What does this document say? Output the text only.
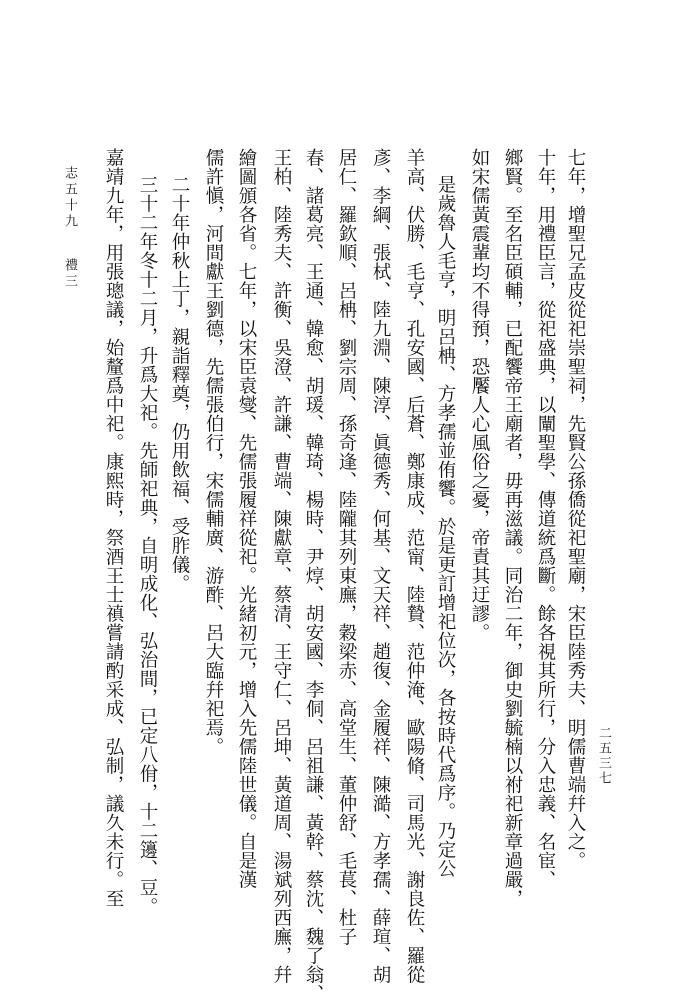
七年，增聖兄孟皮從祀崇聖祠，先賢公孫僑從祀聖廟，宋臣陸秀夫、明儒曹端幷入之。
十年，用禮臣言，從祀盛典，以闡聖學、傳道統爲斷。餘各視其所行，分入忠義、名宦、
鄉賢。至名臣碩輔，已配饗帝王廟者，毋再滋議。同治二年，御史劉毓楠以祔祀新章過嚴，
如宋儒黃震輩均不得預，恐饜人心風俗之憂，帝責其迂謬。
是歲魯人毛亨，明呂柟、方孝孺並侑饗。於是更訂增祀位次，各按時代爲序。乃定公
羊高、伏勝、毛亨、孔安國、后蒼、鄭康成、范甯、陸贄、范仲淹、歐陽脩、司馬光、謝良佐、羅從
彥、李綱、張栻、陸九淵、陳淳、眞德秀、何基、文天祥、趙復、金履祥、陳澔、方孝孺、薛瑄、胡
居仁、羅欽順、呂柟、劉宗周、孫奇逢、陸隴其列東廡，穀梁赤、高堂生、董仲舒、毛萇、杜子
春、諸葛亮、王通、韓愈、胡瑗、韓琦、楊時、尹焞、胡安國、李侗、呂祖謙、黃幹、蔡沈、魏了翁、
王柏、陸秀夫、許衡、吳澄、許謙、曹端、陳獻章、蔡清、王守仁、呂坤、黃道周、湯斌列西廡，幷
繪圖頒各省。七年，以宋臣袁燮、先儒張履祥從祀。光緒初元，增入先儒陸世儀。自是漢
儒許愼，河間獻王劉德，先儒張伯行，宋儒輔廣、游酢、呂大臨幷祀焉。
二十年仲秋上丁，親詣釋奠，仍用飲福、受胙儀。
三十二年冬十二月，升爲大祀。先師祀典，自明成化、弘治間，已定八佾，十二籩、豆。
嘉靖九年，用張璁議，始釐爲中祀。康熙時，祭酒王士禛嘗請酌采成、弘制，議久未行。至
志五十九
禮三
二五三七
